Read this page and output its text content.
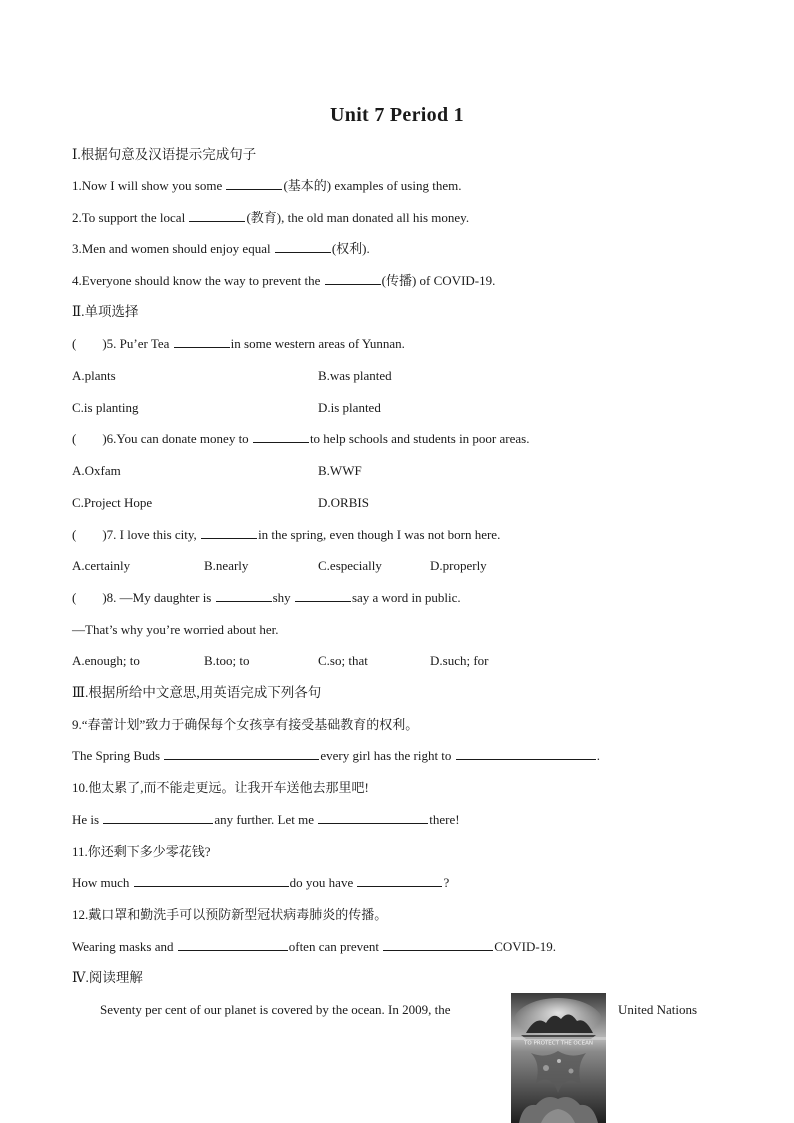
Unit 7 Period 1
Ⅰ.根据句意及汉语提示完成句子
1.Now I will show you some	(基本的) examples of using them.
2.To support the local	(教育), the old man donated all his money.
3.Men and women should enjoy equal	(权利).
4.Everyone should know the way to prevent the	(传播) of COVID-19.
Ⅱ.单项选择
(　　)5. Pu’er Tea	in some western areas of Yunnan.
A.plants	B.was planted
C.is planting	D.is planted
(　　)6.You can donate money to	to help schools and students in poor areas.
A.Oxfam	B.WWF
C.Project Hope	D.ORBIS
(　　)7. I love this city,	in the spring, even though I was not born here.
A.certainly	B.nearly	C.especially	D.properly
(　　)8. —My daughter is	shy	say a word in public.
—That’s why you’re worried about her.
A.enough; to	B.too; to	C.so; that	D.such; for
Ⅲ.根据所给中文意思,用英语完成下列各句
9.“春蕾计划”致力于确保每个女孩享有接受基础教育的权利。
The Spring Buds	every girl has the right to	.
10.他太累了,而不能走更远。让我开车送他去那里吧!
He is	any further. Let me	there!
11.你还剩下多少零花钱?
How much	do you have	?
12.戴口罩和勤洗手可以预防新型冠状病毒肺炎的传播。
Wearing masks and	often can prevent	COVID-19.
Ⅳ.阅读理解
Seventy per cent of our planet is covered by the ocean. In 2009, the	United Nations
TO PROTECT THE OCEAN
